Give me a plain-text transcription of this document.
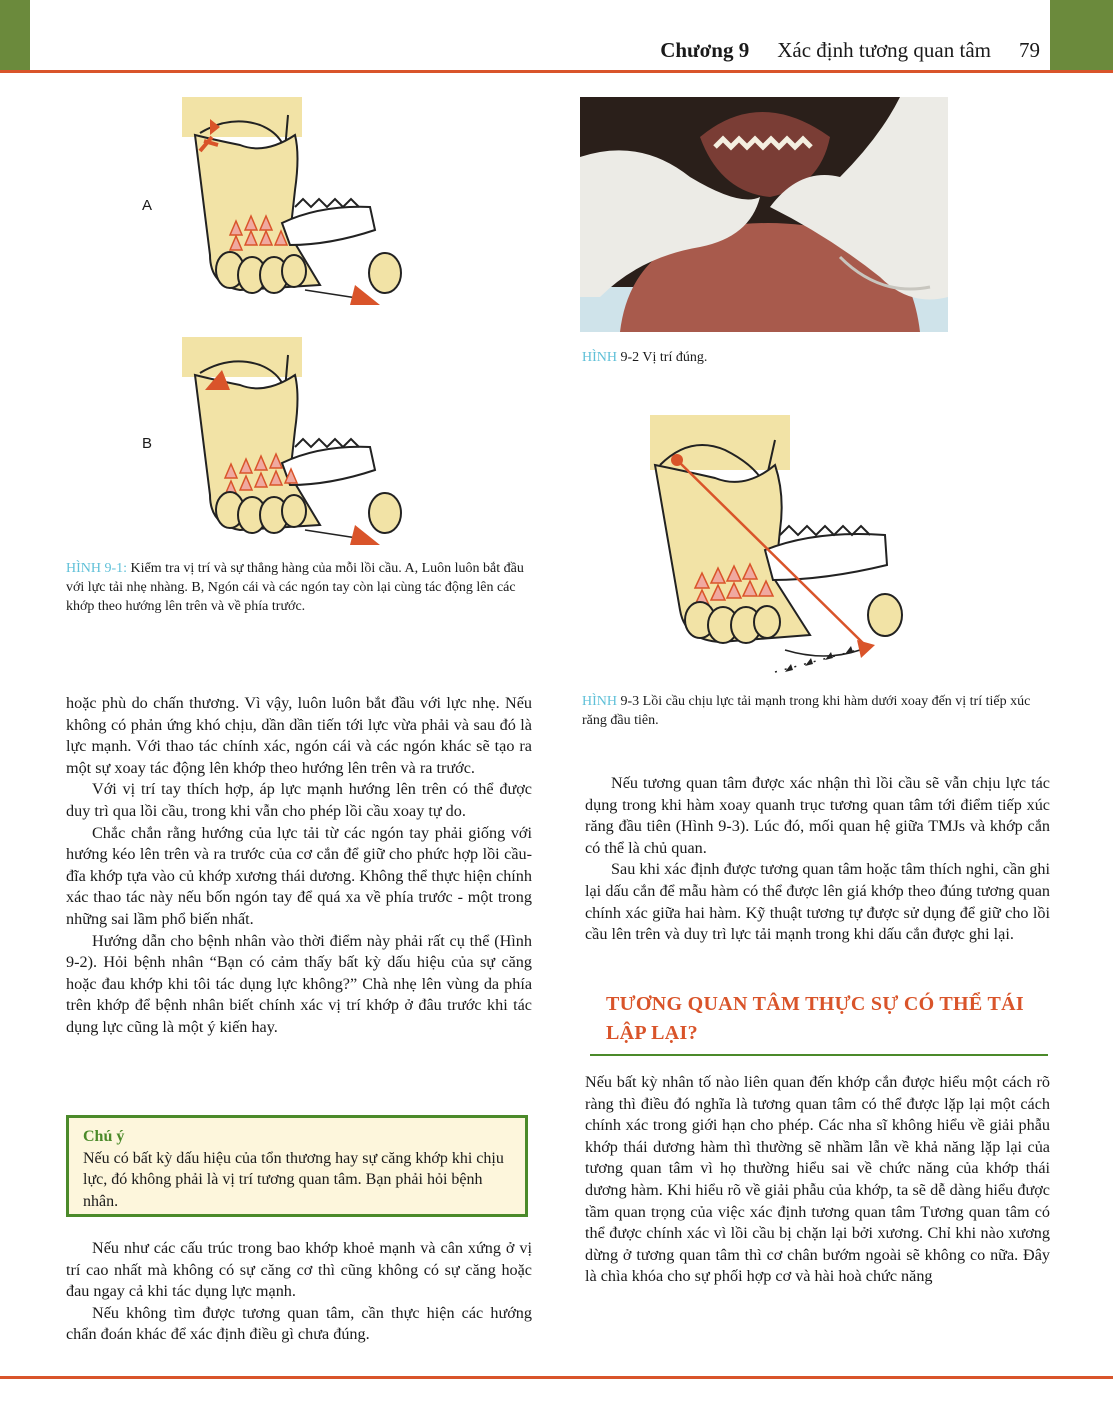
Chương 9 Xác định tương quan tâm 79
A
B
HÌNH 9-1: Kiểm tra vị trí và sự thẳng hàng của mỗi lồi cầu. A, Luôn luôn bắt đầu với lực tải nhẹ nhàng. B, Ngón cái và các ngón tay còn lại cùng tác động lên các khớp theo hướng lên trên và về phía trước.
HÌNH 9-2 Vị trí đúng.
HÌNH 9-3 Lồi cầu chịu lực tải mạnh trong khi hàm dưới xoay đến vị trí tiếp xúc răng đầu tiên.

hoặc phù do chấn thương. Vì vậy, luôn luôn bắt đầu với lực nhẹ. Nếu không có phản ứng khó chịu, dần dần tiến tới lực vừa phải và sau đó là lực mạnh. Với thao tác chính xác, ngón cái và các ngón khác sẽ tạo ra một sự xoay tác động lên khớp theo hướng lên trên và ra trước.

Với vị trí tay thích hợp, áp lực mạnh hướng lên trên có thể được duy trì qua lồi cầu, trong khi vẫn cho phép lồi cầu xoay tự do.

Chắc chắn rằng hướng của lực tải từ các ngón tay phải giống với hướng kéo lên trên và ra trước của cơ cắn để giữ cho phức hợp lồi cầu-đĩa khớp tựa vào củ khớp xương thái dương. Không thể thực hiện chính xác thao tác này nếu bốn ngón tay để quá xa về phía trước - một trong những sai lầm phổ biến nhất.

Hướng dẫn cho bệnh nhân vào thời điểm này phải rất cụ thể (Hình 9-2). Hỏi bệnh nhân “Bạn có cảm thấy bất kỳ dấu hiệu của sự căng hoặc đau khớp khi tôi tác dụng lực không?” Chà nhẹ lên vùng da phía trên khớp để bệnh nhân biết chính xác vị trí khớp ở đâu trước khi tác dụng lực cũng là một ý kiến hay.

Chú ý
Nếu có bất kỳ dấu hiệu của tổn thương hay sự căng khớp khi chịu lực, đó không phải là vị trí tương quan tâm. Bạn phải hỏi bệnh nhân.

Nếu như các cấu trúc trong bao khớp khoẻ mạnh và cân xứng ở vị trí cao nhất mà không có sự căng cơ thì cũng không có sự căng hoặc đau ngay cả khi tác dụng lực mạnh.

Nếu không tìm được tương quan tâm, cần thực hiện các hướng chẩn đoán khác để xác định điều gì chưa đúng.

Nếu tương quan tâm được xác nhận thì lồi cầu sẽ vẫn chịu lực tác dụng trong khi hàm xoay quanh trục tương quan tâm tới điểm tiếp xúc răng đầu tiên (Hình 9-3). Lúc đó, mối quan hệ giữa TMJs và khớp cắn có thể là chủ quan.

Sau khi xác định được tương quan tâm hoặc tâm thích nghi, cần ghi lại dấu cắn để mẫu hàm có thể được lên giá khớp theo đúng tương quan chính xác giữa hai hàm. Kỹ thuật tương tự được sử dụng để giữ cho lồi cầu lên trên và duy trì lực tải mạnh trong khi dấu cắn được ghi lại.

TƯƠNG QUAN TÂM THỰC SỰ CÓ THỂ TÁI LẬP LẠI?

Nếu bất kỳ nhân tố nào liên quan đến khớp cắn được hiểu một cách rõ ràng thì điều đó nghĩa là tương quan tâm có thể được lặp lại một cách chính xác trong giới hạn cho phép. Các nha sĩ không hiểu về giải phẫu khớp thái dương hàm thì thường sẽ nhầm lẫn về khả năng lặp lại của tương quan tâm vì họ thường hiểu sai về chức năng của khớp thái dương hàm. Khi hiểu rõ về giải phẫu của khớp, ta sẽ dễ dàng hiểu được tầm quan trọng của việc xác định tương quan tâm Tương quan tâm có thể được chính xác vì lồi cầu bị chặn lại bởi xương. Chỉ khi nào xương dừng ở tương quan tâm thì cơ chân bướm ngoài sẽ không co nữa. Đây là chìa khóa cho sự phối hợp cơ và hài hoà chức năng
